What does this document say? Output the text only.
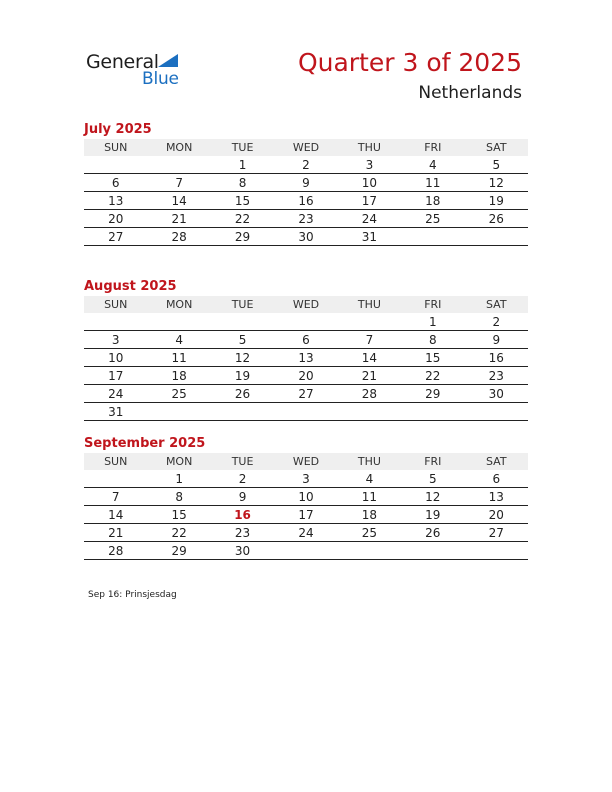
General
Blue
Quarter 3 of 2025
Netherlands
July 2025
SUN	MON	TUE	WED	THU	FRI	SAT
		1	2	3	4	5
6	7	8	9	10	11	12
13	14	15	16	17	18	19
20	21	22	23	24	25	26
27	28	29	30	31		
August 2025
SUN	MON	TUE	WED	THU	FRI	SAT
					1	2
3	4	5	6	7	8	9
10	11	12	13	14	15	16
17	18	19	20	21	22	23
24	25	26	27	28	29	30
31						
September 2025
SUN	MON	TUE	WED	THU	FRI	SAT
	1	2	3	4	5	6
7	8	9	10	11	12	13
14	15	16	17	18	19	20
21	22	23	24	25	26	27
28	29	30				
Sep 16: Prinsjesdag
